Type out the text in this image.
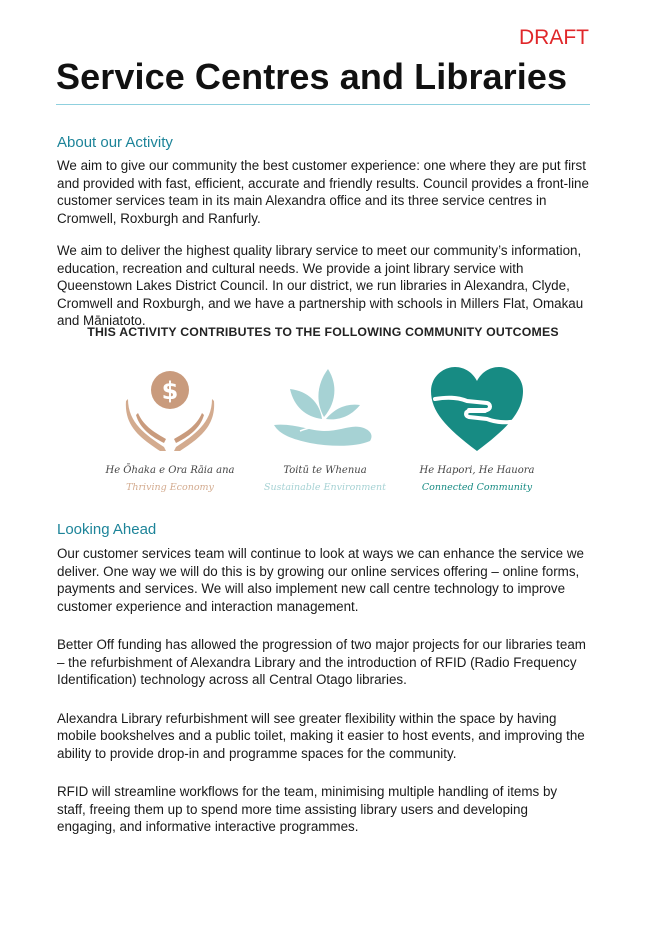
DRAFT
Service Centres and Libraries
About our Activity

We aim to give our community the best customer experience: one where they are put first and provided with fast, efficient, accurate and friendly results. Council provides a front-line customer services team in its main Alexandra office and its three service centres in Cromwell, Roxburgh and Ranfurly.

We aim to deliver the highest quality library service to meet our community’s information, education, recreation and cultural needs. We provide a joint library service with Queenstown Lakes District Council. In our district, we run libraries in Alexandra, Clyde, Cromwell and Roxburgh, and we have a partnership with schools in Millers Flat, Omakau and Māniatoto.

THIS ACTIVITY CONTRIBUTES TO THE FOLLOWING COMMUNITY OUTCOMES
$
He Ōhaka e Ora Rāia ana
Thriving Economy
Toitū te Whenua
Sustainable Environment
He Hapori, He Hauora
Connected Community
Looking Ahead

Our customer services team will continue to look at ways we can enhance the service we deliver. One way we will do this is by growing our online services offering – online forms, payments and services. We will also implement new call centre technology to improve customer experience and interaction management.

Better Off funding has allowed the progression of two major projects for our libraries team – the refurbishment of Alexandra Library and the introduction of RFID (Radio Frequency Identification) technology across all Central Otago libraries.

Alexandra Library refurbishment will see greater flexibility within the space by having mobile bookshelves and a public toilet, making it easier to host events, and improving the ability to provide drop-in and programme spaces for the community.

RFID will streamline workflows for the team, minimising multiple handling of items by staff, freeing them up to spend more time assisting library users and developing engaging, and informative interactive programmes.
